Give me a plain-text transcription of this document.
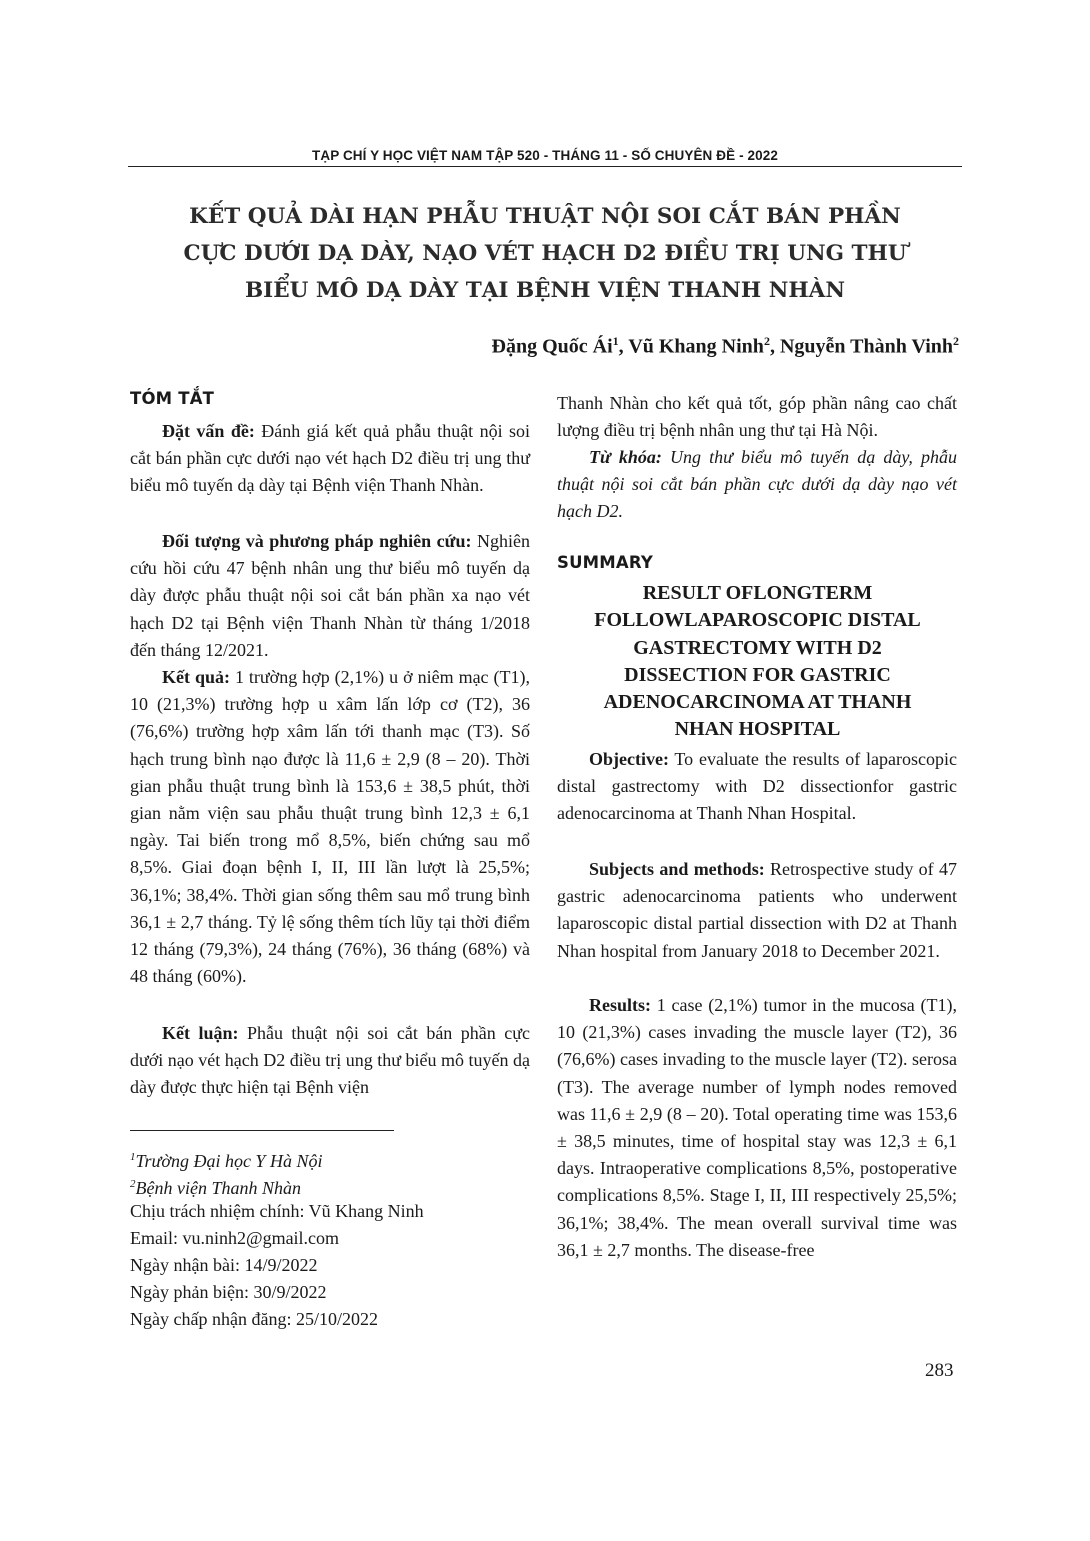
TẠP CHÍ Y HỌC VIỆT NAM TẬP 520 - THÁNG 11 - SỐ CHUYÊN ĐỀ - 2022
KẾT QUẢ DÀI HẠN PHẪU THUẬT NỘI SOI CẮT BÁN PHẦN
CỰC DƯỚI DẠ DÀY, NẠO VÉT HẠCH D2 ĐIỀU TRỊ UNG THƯ
BIỂU MÔ DẠ DÀY TẠI BỆNH VIỆN THANH NHÀN
Đặng Quốc $Ái^1$, Vũ Khang Ninh$^2$, Nguyễn Thành Vinh$^2$
TÓM TẮT

Đặt vấn đề: Đánh giá kết quả phẫu thuật nội soi cắt bán phần cực dưới nạo vét hạch D2 điều trị ung thư biểu mô tuyến dạ dày tại Bệnh viện Thanh Nhàn.

Đối tượng và phương pháp nghiên cứu: Nghiên cứu hồi cứu 47 bệnh nhân ung thư biểu mô tuyến dạ dày được phẫu thuật nội soi cắt bán phần xa nạo vét hạch D2 tại Bệnh viện Thanh Nhàn từ tháng 1/2018 đến tháng 12/2021.

Kết quả: 1 trường hợp (2,1%) u ở niêm mạc (T1), 10 (21,3%) trường hợp u xâm lấn lớp cơ (T2), 36 (76,6%) trường hợp xâm lấn tới thanh mạc (T3). Số hạch trung bình nạo được là 11,6 ± 2,9 (8 – 20). Thời gian phẫu thuật trung bình là 153,6 ± 38,5 phút, thời gian nằm viện sau phẫu thuật trung bình 12,3 ± 6,1 ngày. Tai biến trong mổ 8,5%, biến chứng sau mổ 8,5%. Giai đoạn bệnh I, II, III lần lượt là 25,5%; 36,1%; 38,4%. Thời gian sống thêm sau mổ trung bình 36,1 ± 2,7 tháng. Tỷ lệ sống thêm tích lũy tại thời điểm 12 tháng (79,3%), 24 tháng (76%), 36 tháng (68%) và 48 tháng (60%).

Kết luận: Phẫu thuật nội soi cắt bán phần cực dưới nạo vét hạch D2 điều trị ung thư biểu mô tuyến dạ dày được thực hiện tại Bệnh viện

$^1$Trường Đại học Y Hà Nội
$^2$Bệnh viện Thanh Nhàn
Chịu trách nhiệm chính: Vũ Khang Ninh
Email: vu.ninh2@gmail.com
Ngày nhận bài: 14/9/2022
Ngày phản biện: 30/9/2022
Ngày chấp nhận đăng: 25/10/2022

Thanh Nhàn cho kết quả tốt, góp phần nâng cao chất lượng điều trị bệnh nhân ung thư tại Hà Nội.

Từ khóa: Ung thư biểu mô tuyến dạ dày, phẫu thuật nội soi cắt bán phần cực dưới dạ dày nạo vét hạch D2.

SUMMARY
RESULT OFLONGTERM
FOLLOWLAPAROSCOPIC DISTAL
GASTRECTOMY WITH D2
DISSECTION FOR GASTRIC
ADENOCARCINOMA AT THANH
NHAN HOSPITAL

Objective: To evaluate the results of laparoscopic distal gastrectomy with D2 dissectionfor gastric adenocarcinoma at Thanh Nhan Hospital.

Subjects and methods: Retrospective study of 47 gastric adenocarcinoma patients who underwent laparoscopic distal partial dissection with D2 at Thanh Nhan hospital from January 2018 to December 2021.

Results: 1 case (2,1%) tumor in the mucosa (T1), 10 (21,3%) cases invading the muscle layer (T2), 36 (76,6%) cases invading to the muscle layer (T2). serosa (T3). The average number of lymph nodes removed was 11,6 ± 2,9 (8 – 20). Total operating time was 153,6 ± 38,5 minutes, time of hospital stay was 12,3 ± 6,1 days. Intraoperative complications 8,5%, postoperative complications 8,5%. Stage I, II, III respectively 25,5%; 36,1%; 38,4%. The mean overall survival time was 36,1 ± 2,7 months. The disease-free

283
